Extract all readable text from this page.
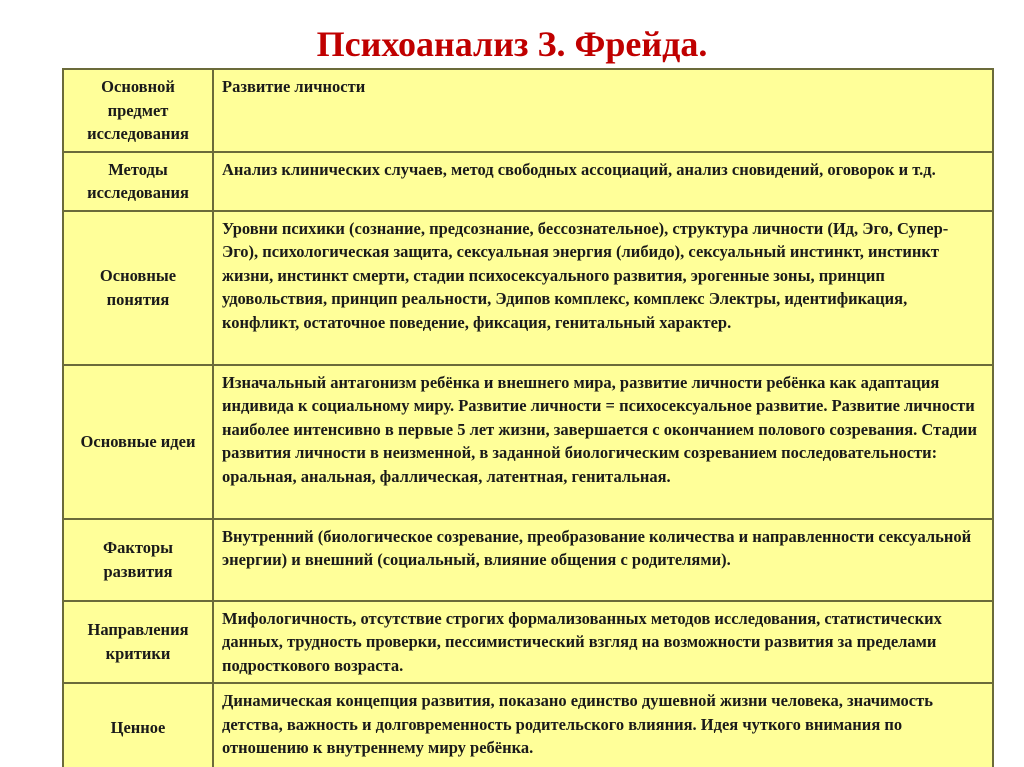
Психоанализ З. Фрейда.
Основной предмет исследования	Развитие личности
Методы исследования	Анализ клинических случаев, метод свободных ассоциаций, анализ сновидений, оговорок и т.д.
Основные понятия	Уровни психики (сознание, предсознание, бессознательное), структура личности (Ид, Эго, Супер-Эго), психологическая защита, сексуальная энергия (либидо), сексуальный инстинкт, инстинкт жизни, инстинкт смерти, стадии психосексуального развития, эрогенные зоны, принцип удовольствия, принцип реальности, Эдипов комплекс, комплекс Электры, идентификация, конфликт, остаточное поведение, фиксация, генитальный характер.
Основные идеи	Изначальный антагонизм ребёнка и внешнего мира, развитие личности ребёнка как адаптация индивида к социальному миру. Развитие личности = психосексуальное развитие. Развитие личности наиболее интенсивно в первые 5 лет жизни, завершается с окончанием полового созревания. Стадии развития личности в неизменной, в заданной биологическим созреванием последовательности: оральная, анальная, фаллическая, латентная, генитальная.
Факторы развития	Внутренний (биологическое созревание, преобразование количества и направленности сексуальной энергии) и внешний (социальный, влияние общения с родителями).
Направления критики	Мифологичность, отсутствие строгих формализованных методов исследования, статистических данных, трудность проверки, пессимистический взгляд на возможности развития за пределами подросткового возраста.
Ценное	Динамическая концепция развития, показано единство душевной жизни человека, значимость детства, важность и долговременность родительского влияния. Идея чуткого внимания по отношению к внутреннему миру ребёнка.
